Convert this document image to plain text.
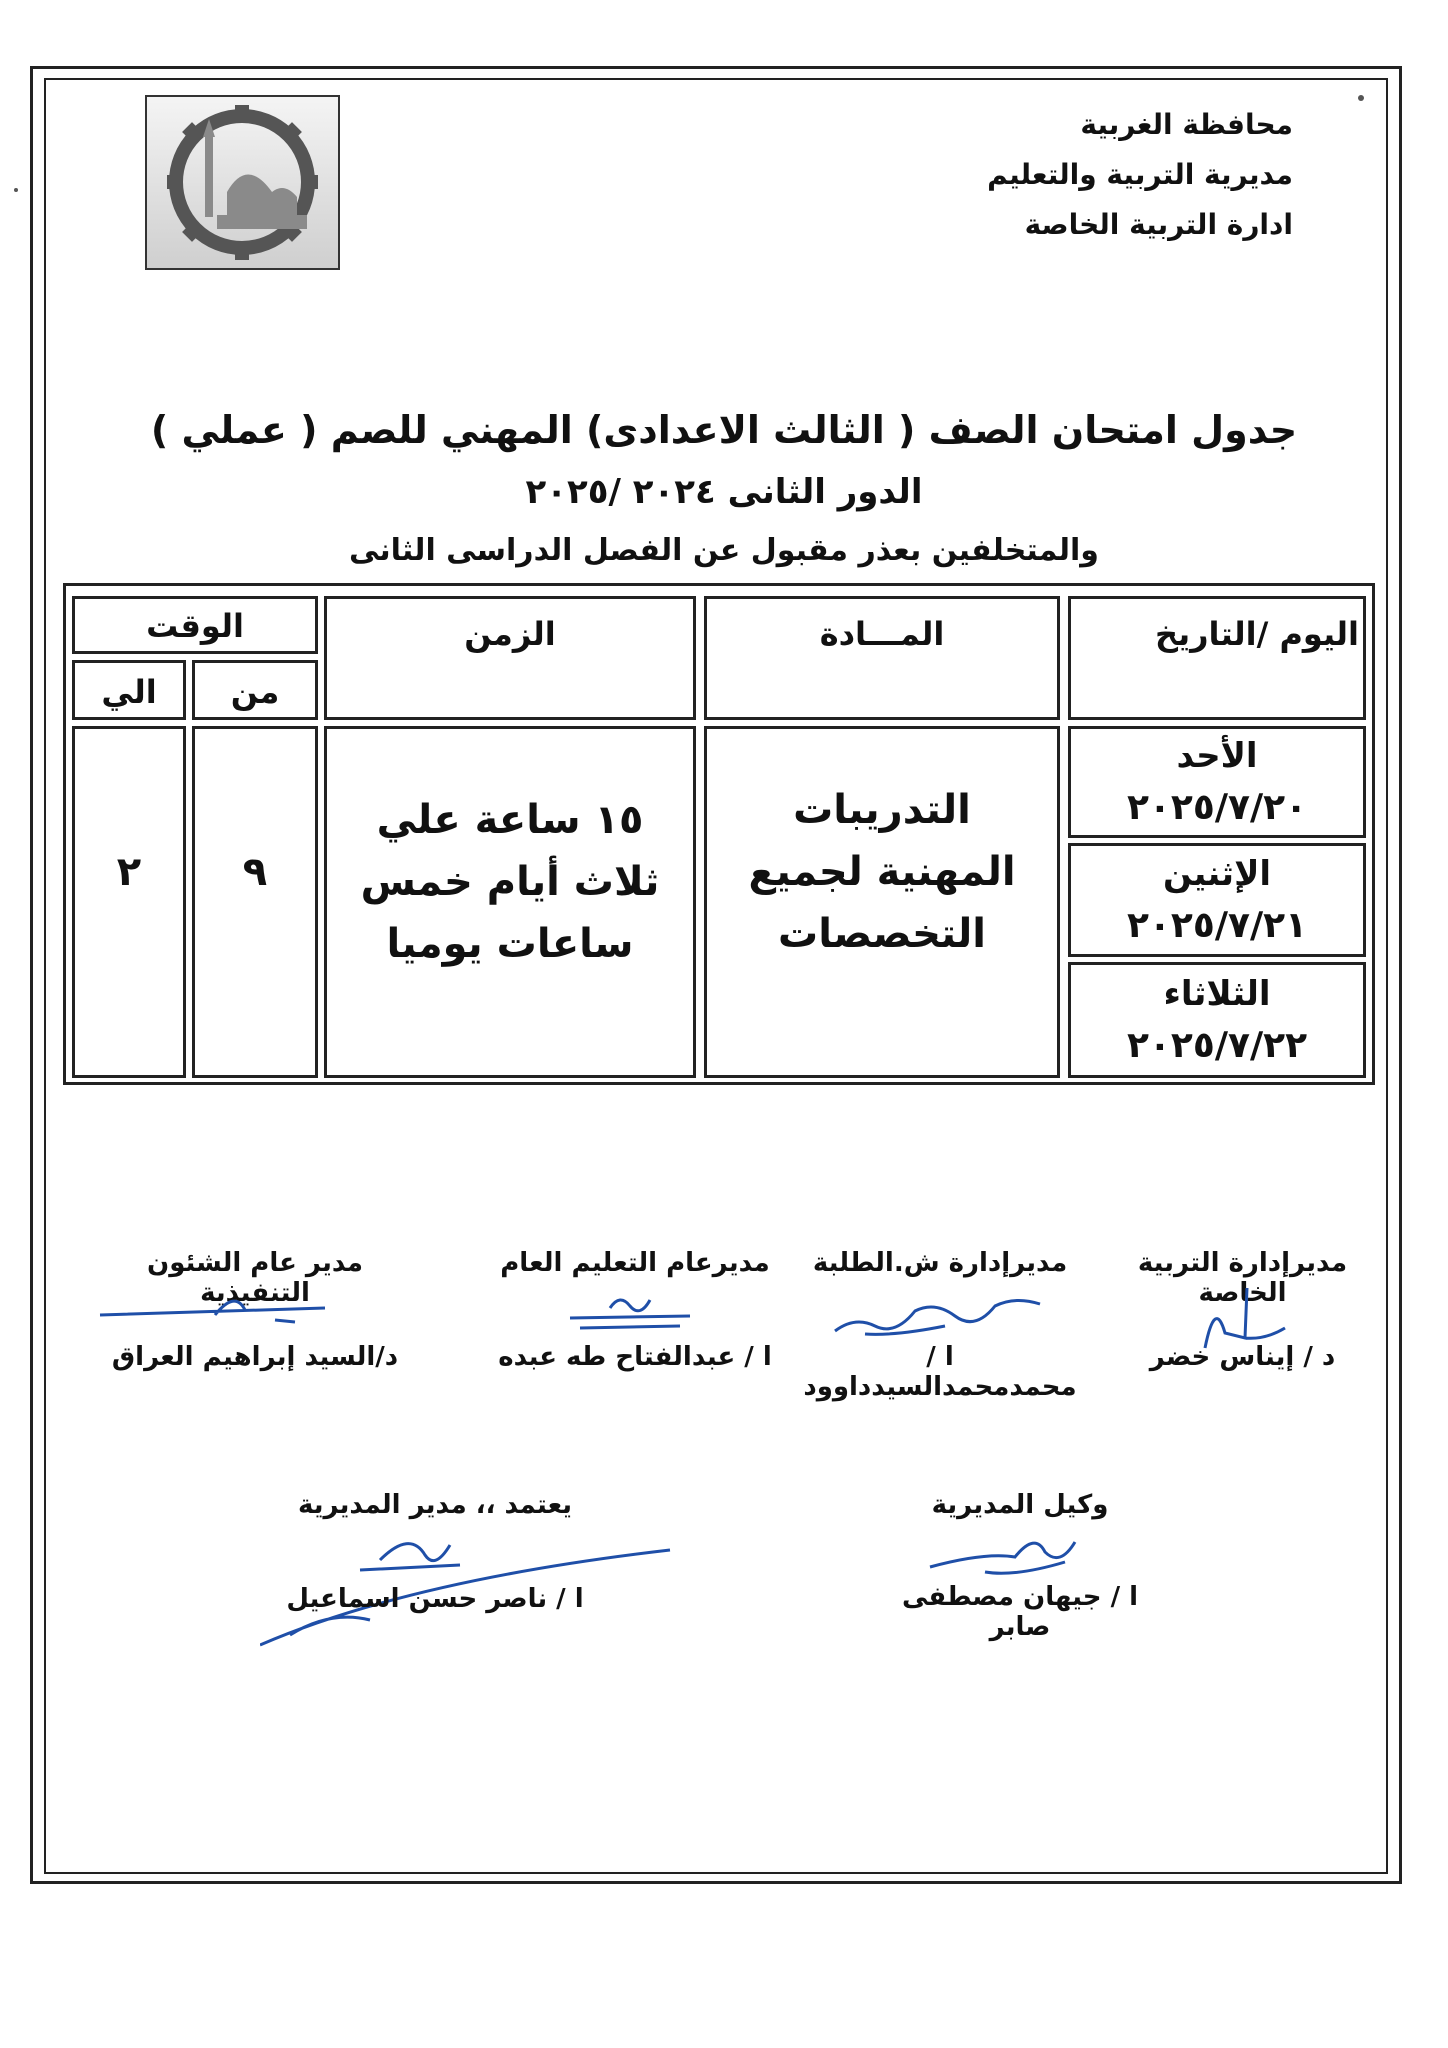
محافظة الغربية
مديرية التربية والتعليم
ادارة التربية الخاصة
جدول امتحان الصف ( الثالث الاعدادى) المهني للصم ( عملي )
الدور الثانى ٢٠٢٤ /٢٠٢٥
والمتخلفين بعذر مقبول عن الفصل الدراسى الثانى
اليوم /التاريخ
المـــادة
الزمن
الوقت
من
الي
الأحد
٢٠٢٥/٧/٢٠
الإثنين
٢٠٢٥/٧/٢١
الثلاثاء
٢٠٢٥/٧/٢٢
التدريبات المهنية لجميع التخصصات
١٥ ساعة علي ثلاث أيام خمس ساعات يوميا
٩
٢
مديرإدارة التربية الخاصة
د / إيناس خضر
مديرإدارة ش.الطلبة
ا / محمدمحمدالسيدداوود
مديرعام التعليم العام
ا / عبدالفتاح طه عبده
مدير عام الشئون التنفيذية
د/السيد إبراهيم العراق
وكيل المديرية
ا / جيهان مصطفى صابر
يعتمد ،، مدير المديرية
ا / ناصر حسن اسماعيل
